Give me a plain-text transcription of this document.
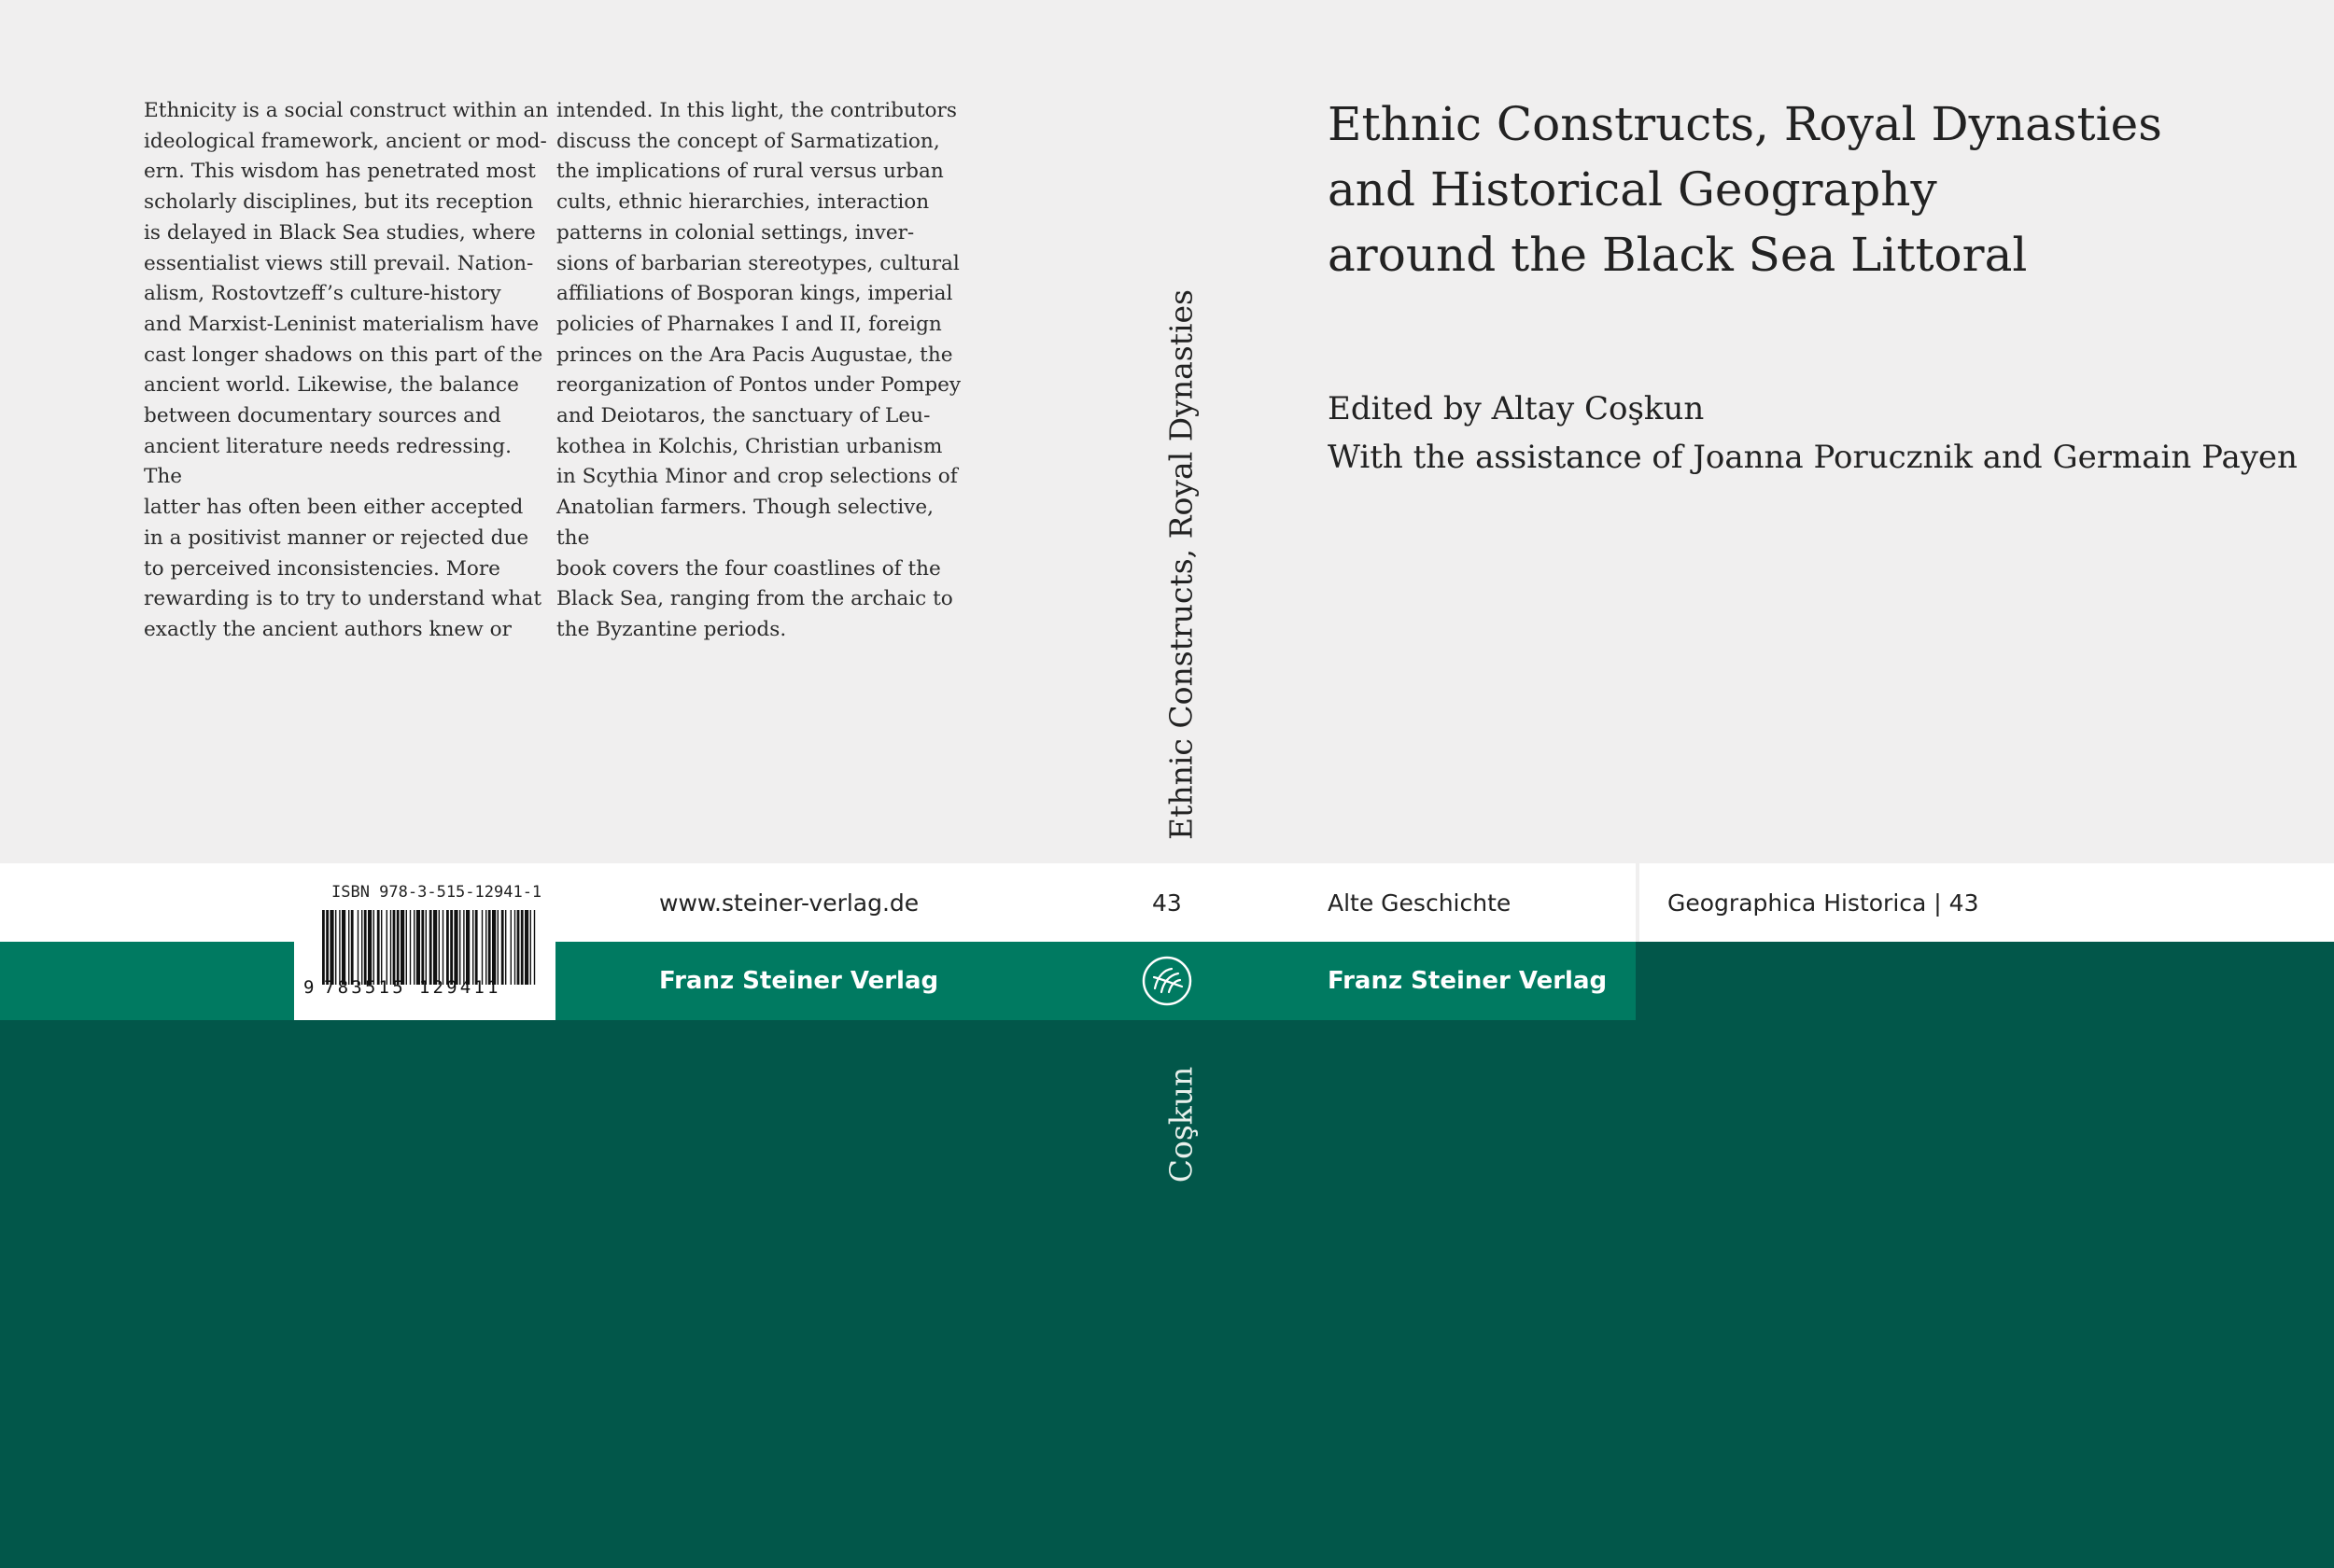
Ethnicity is a social construct within an
ideological framework, ancient or mod-
ern. This wisdom has penetrated most
scholarly disciplines, but its reception
is delayed in Black Sea studies, where
essentialist views still prevail. Nation-
alism, Rostovtzeff’s culture-history
and Marxist-Leninist materialism have
cast longer shadows on this part of the
ancient world. Likewise, the balance
between documentary sources and
ancient literature needs redressing. The
latter has often been either accepted
in a positivist manner or rejected due
to perceived inconsistencies. More
rewarding is to try to understand what
exactly the ancient authors knew or

intended. In this light, the contributors
discuss the concept of Sarmatization,
the implications of rural versus urban
cults, ethnic hierarchies, interaction
patterns in colonial settings, inver-
sions of barbarian stereotypes, cultural
affiliations of Bosporan kings, imperial
policies of Pharnakes I and II, foreign
princes on the Ara Pacis Augustae, the
reorganization of Pontos under Pompey
and Deiotaros, the sanctuary of Leu-
kothea in Kolchis, Christian urbanism
in Scythia Minor and crop selections of
Anatolian farmers. Though selective, the
book covers the four coastlines of the
Black Sea, ranging from the archaic to
the Byzantine periods.

Ethnic Constructs, Royal Dynasties
and Historical Geography
around the Black Sea Littoral
Edited by Altay Coşkun
With the assistance of Joanna Porucznik and Germain Payen
Ethnic Constructs, Royal Dynasties
Coşkun
www.steiner-verlag.de	43	Alte Geschichte	Geographica Historica | 43
Franz Steiner Verlag	Franz Steiner Verlag
ISBN 978-3-515-12941-1
9 783515 129411
